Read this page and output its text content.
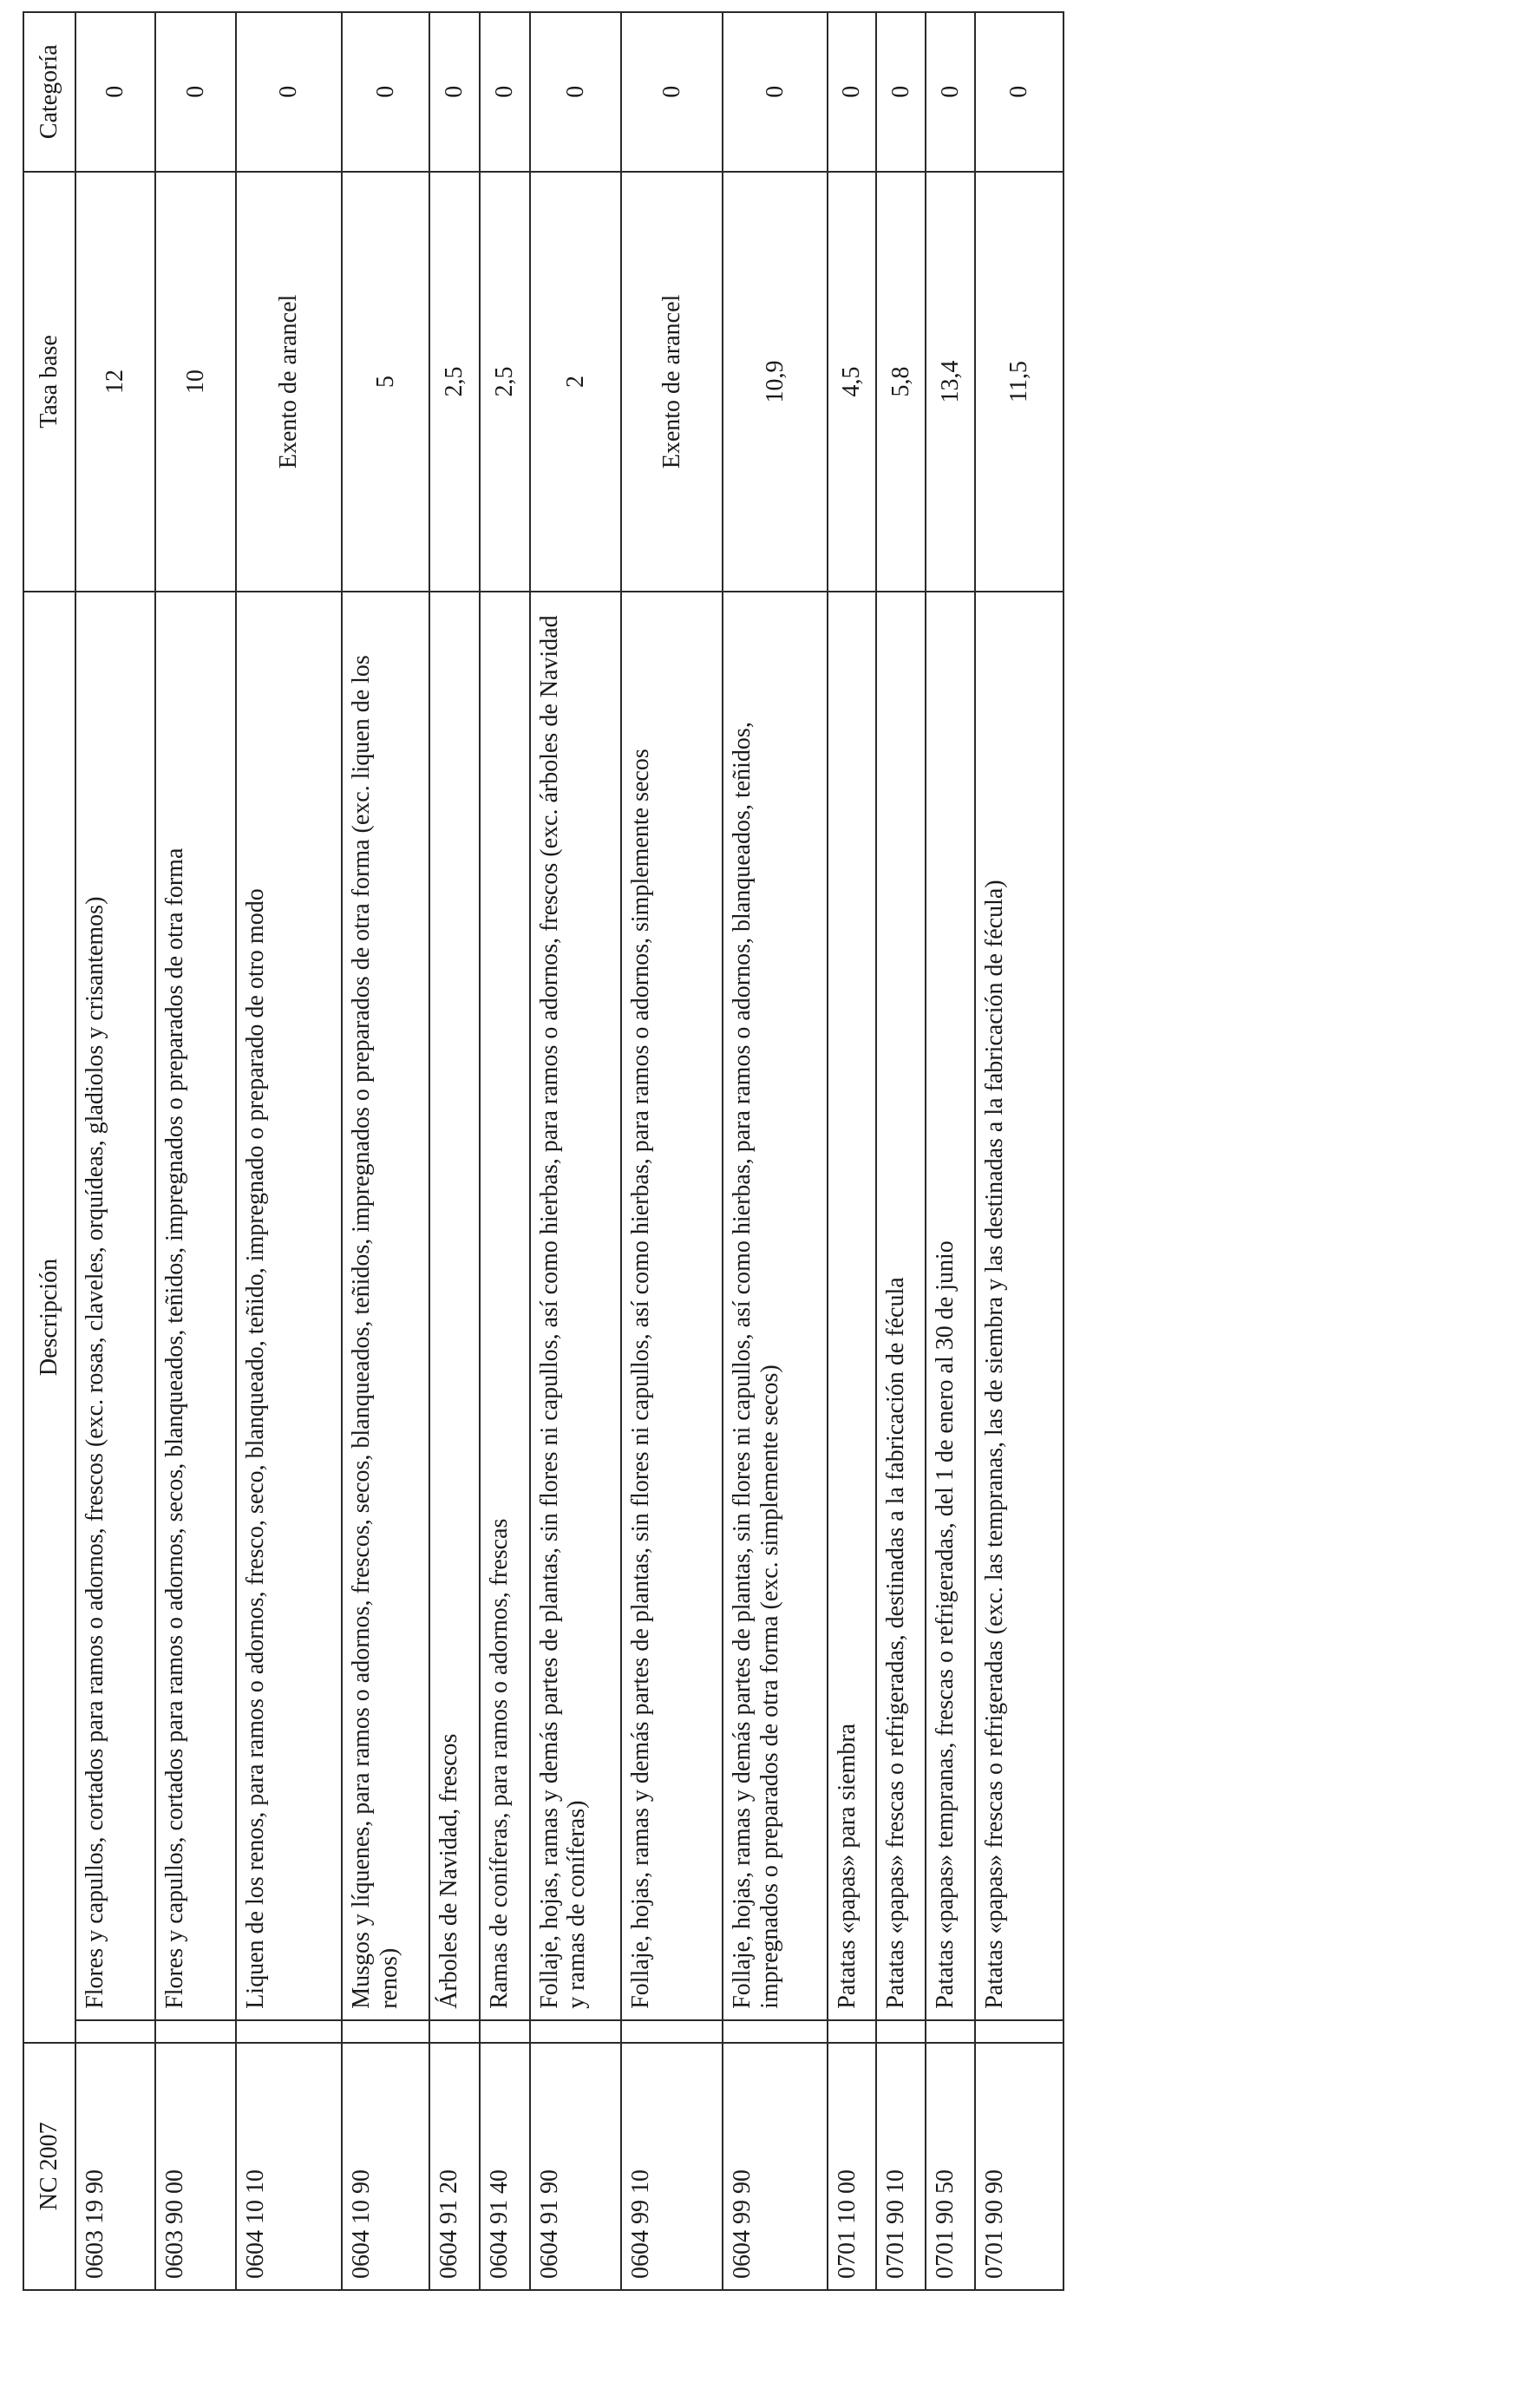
NC 2007	Descripción		Tasa base	Categoría
0603 19 90		Flores y capullos, cortados para ramos o adornos, frescos (exc. rosas, claveles, orquídeas, gladiolos y crisantemos)	12	0
0603 90 00		Flores y capullos, cortados para ramos o adornos, secos, blanqueados, teñidos, impregnados o preparados de otra forma	10	0
0604 10 10		Liquen de los renos, para ramos o adornos, fresco, seco, blanqueado, teñido, impregnado o preparado de otro modo	Exento de arancel	0
0604 10 90		Musgos y líquenes, para ramos o adornos, frescos, secos, blanqueados, teñidos, impregnados o preparados de otra forma (exc. liquen de los renos)	5	0
0604 91 20		Árboles de Navidad, frescos	2,5	0
0604 91 40		Ramas de coníferas, para ramos o adornos, frescas	2,5	0
0604 91 90		Follaje, hojas, ramas y demás partes de plantas, sin flores ni capullos, así como hierbas, para ramos o adornos, frescos (exc. árboles de Navidad y ramas de coníferas)	2	0
0604 99 10		Follaje, hojas, ramas y demás partes de plantas, sin flores ni capullos, así como hierbas, para ramos o adornos, simplemente secos	Exento de arancel	0
0604 99 90		Follaje, hojas, ramas y demás partes de plantas, sin flores ni capullos, así como hierbas, para ramos o adornos, blanqueados, teñidos, impregnados o preparados de otra forma (exc. simplemente secos)	10,9	0
0701 10 00		Patatas «papas» para siembra	4,5	0
0701 90 10		Patatas «papas» frescas o refrigeradas, destinadas a la fabricación de fécula	5,8	0
0701 90 50		Patatas «papas» tempranas, frescas o refrigeradas, del 1 de enero al 30 de junio	13,4	0
0701 90 90		Patatas «papas» frescas o refrigeradas (exc. las tempranas, las de siembra y las destinadas a la fabricación de fécula)	11,5	0
